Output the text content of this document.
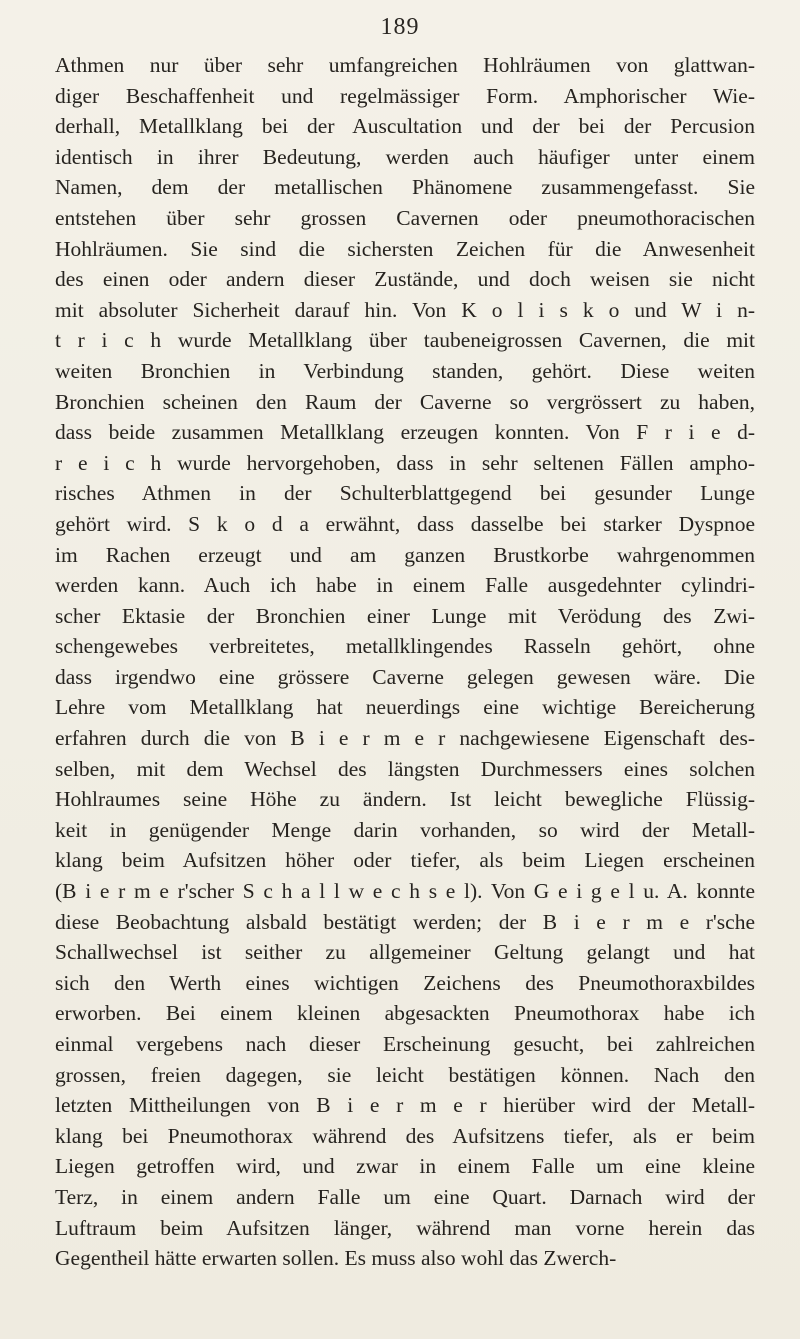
189
Athmen nur über sehr umfangreichen Hohlräumen von glattwan-
diger Beschaffenheit und regelmässiger Form. Amphorischer Wie-
derhall, Metallklang bei der Auscultation und der bei der Percusion
identisch in ihrer Bedeutung, werden auch häufiger unter einem
Namen, dem der metallischen Phänomene zusammengefasst. Sie
entstehen über sehr grossen Cavernen oder pneumothoracischen
Hohlräumen. Sie sind die sichersten Zeichen für die Anwesenheit
des einen oder andern dieser Zustände, und doch weisen sie nicht
mit absoluter Sicherheit darauf hin. Von K o l i s k o und W i n-
t r i c h wurde Metallklang über taubeneigrossen Cavernen, die mit
weiten Bronchien in Verbindung standen, gehört. Diese weiten
Bronchien scheinen den Raum der Caverne so vergrössert zu haben,
dass beide zusammen Metallklang erzeugen konnten. Von F r i e d-
r e i c h wurde hervorgehoben, dass in sehr seltenen Fällen ampho-
risches Athmen in der Schulterblattgegend bei gesunder Lunge
gehört wird. S k o d a erwähnt, dass dasselbe bei starker Dyspnoe
im Rachen erzeugt und am ganzen Brustkorbe wahrgenommen
werden kann. Auch ich habe in einem Falle ausgedehnter cylindri-
scher Ektasie der Bronchien einer Lunge mit Verödung des Zwi-
schengewebes verbreitetes, metallklingendes Rasseln gehört, ohne
dass irgendwo eine grössere Caverne gelegen gewesen wäre. Die
Lehre vom Metallklang hat neuerdings eine wichtige Bereicherung
erfahren durch die von B i e r m e r nachgewiesene Eigenschaft des-
selben, mit dem Wechsel des längsten Durchmessers eines solchen
Hohlraumes seine Höhe zu ändern. Ist leicht bewegliche Flüssig-
keit in genügender Menge darin vorhanden, so wird der Metall-
klang beim Aufsitzen höher oder tiefer, als beim Liegen erscheinen
(B i e r m e r'scher S c h a l l w e c h s e l). Von G e i g e l u. A. konnte
diese Beobachtung alsbald bestätigt werden; der B i e r m e r'sche
Schallwechsel ist seither zu allgemeiner Geltung gelangt und hat
sich den Werth eines wichtigen Zeichens des Pneumothoraxbildes
erworben. Bei einem kleinen abgesackten Pneumothorax habe ich
einmal vergebens nach dieser Erscheinung gesucht, bei zahlreichen
grossen, freien dagegen, sie leicht bestätigen können. Nach den
letzten Mittheilungen von B i e r m e r hierüber wird der Metall-
klang bei Pneumothorax während des Aufsitzens tiefer, als er beim
Liegen getroffen wird, und zwar in einem Falle um eine kleine
Terz, in einem andern Falle um eine Quart. Darnach wird der
Luftraum beim Aufsitzen länger, während man vorne herein das
Gegentheil hätte erwarten sollen. Es muss also wohl das Zwerch-
